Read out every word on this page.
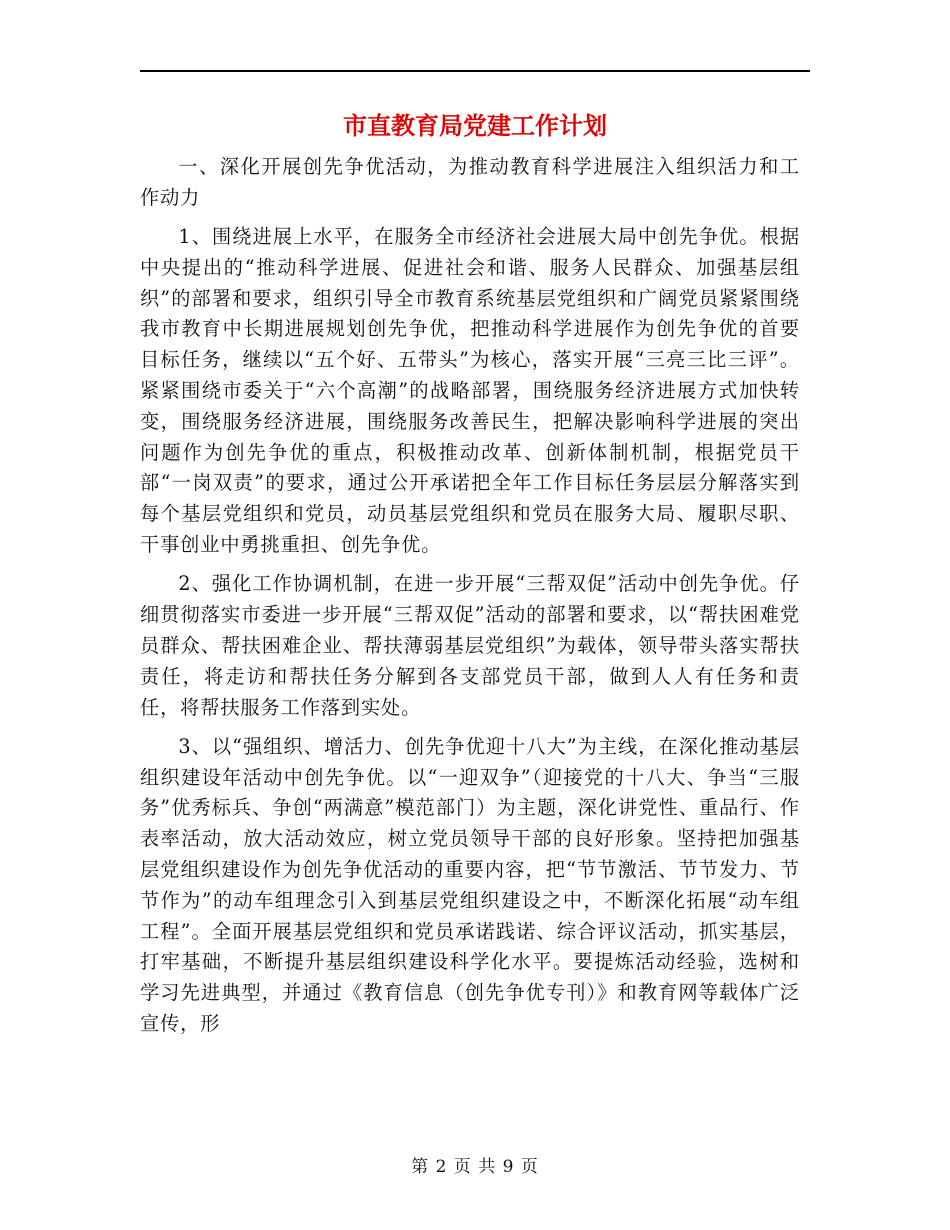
市直教育局党建工作计划

一、深化开展创先争优活动，为推动教育科学进展注入组织活力和工作动力

1、围绕进展上水平，在服务全市经济社会进展大局中创先争优。根据中央提出的“推动科学进展、促进社会和谐、服务人民群众、加强基层组织”的部署和要求，组织引导全市教育系统基层党组织和广阔党员紧紧围绕我市教育中长期进展规划创先争优，把推动科学进展作为创先争优的首要目标任务，继续以“五个好、五带头”为核心，落实开展“三亮三比三评”。紧紧围绕市委关于“六个高潮”的战略部署，围绕服务经济进展方式加快转变，围绕服务经济进展，围绕服务改善民生，把解决影响科学进展的突出问题作为创先争优的重点，积极推动改革、创新体制机制，根据党员干部“一岗双责”的要求，通过公开承诺把全年工作目标任务层层分解落实到每个基层党组织和党员，动员基层党组织和党员在服务大局、履职尽职、干事创业中勇挑重担、创先争优。

2、强化工作协调机制，在进一步开展“三帮双促”活动中创先争优。仔细贯彻落实市委进一步开展“三帮双促”活动的部署和要求，以“帮扶困难党员群众、帮扶困难企业、帮扶薄弱基层党组织”为载体，领导带头落实帮扶责任，将走访和帮扶任务分解到各支部党员干部，做到人人有任务和责任，将帮扶服务工作落到实处。

3、以“强组织、增活力、创先争优迎十八大”为主线，在深化推动基层组织建设年活动中创先争优。以“一迎双争”（迎接党的十八大、争当“三服务”优秀标兵、争创“两满意”模范部门）为主题，深化讲党性、重品行、作表率活动，放大活动效应，树立党员领导干部的良好形象。坚持把加强基层党组织建设作为创先争优活动的重要内容，把“节节激活、节节发力、节节作为”的动车组理念引入到基层党组织建设之中，不断深化拓展“动车组工程”。全面开展基层党组织和党员承诺践诺、综合评议活动，抓实基层，打牢基础，不断提升基层组织建设科学化水平。要提炼活动经验，选树和学习先进典型，并通过《教育信息（创先争优专刊）》和教育网等载体广泛宣传，形

第 2 页 共 9 页
